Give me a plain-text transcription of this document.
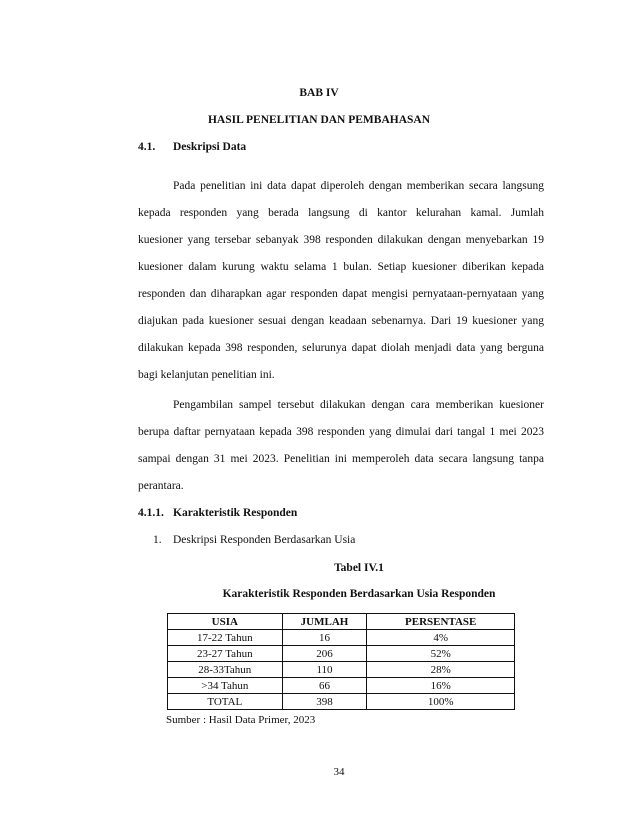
BAB IV
HASIL PENELITIAN DAN PEMBAHASAN
4.1. Deskripsi Data
Pada penelitian ini data dapat diperoleh dengan memberikan secara langsung
kepada responden yang berada langsung di kantor kelurahan kamal. Jumlah
kuesioner yang tersebar sebanyak 398 responden dilakukan dengan menyebarkan 19
kuesioner dalam kurung waktu selama 1 bulan. Setiap kuesioner diberikan kepada
responden dan diharapkan agar responden dapat mengisi pernyataan-pernyataan yang
diajukan pada kuesioner sesuai dengan keadaan sebenarnya. Dari 19 kuesioner yang
dilakukan kepada 398 responden, selurunya dapat diolah menjadi data yang berguna
bagi kelanjutan penelitian ini.
Pengambilan sampel tersebut dilakukan dengan cara memberikan kuesioner
berupa daftar pernyataan kepada 398 responden yang dimulai dari tangal 1 mei 2023
sampai dengan 31 mei 2023. Penelitian ini memperoleh data secara langsung tanpa
perantara.
4.1.1. Karakteristik Responden
1. Deskripsi Responden Berdasarkan Usia
Tabel IV.1
Karakteristik Responden Berdasarkan Usia Responden
USIA	JUMLAH	PERSENTASE
17-22 Tahun	16	4%
23-27 Tahun	206	52%
28-33Tahun	110	28%
>34 Tahun	66	16%
TOTAL	398	100%
Sumber : Hasil Data Primer, 2023
34
